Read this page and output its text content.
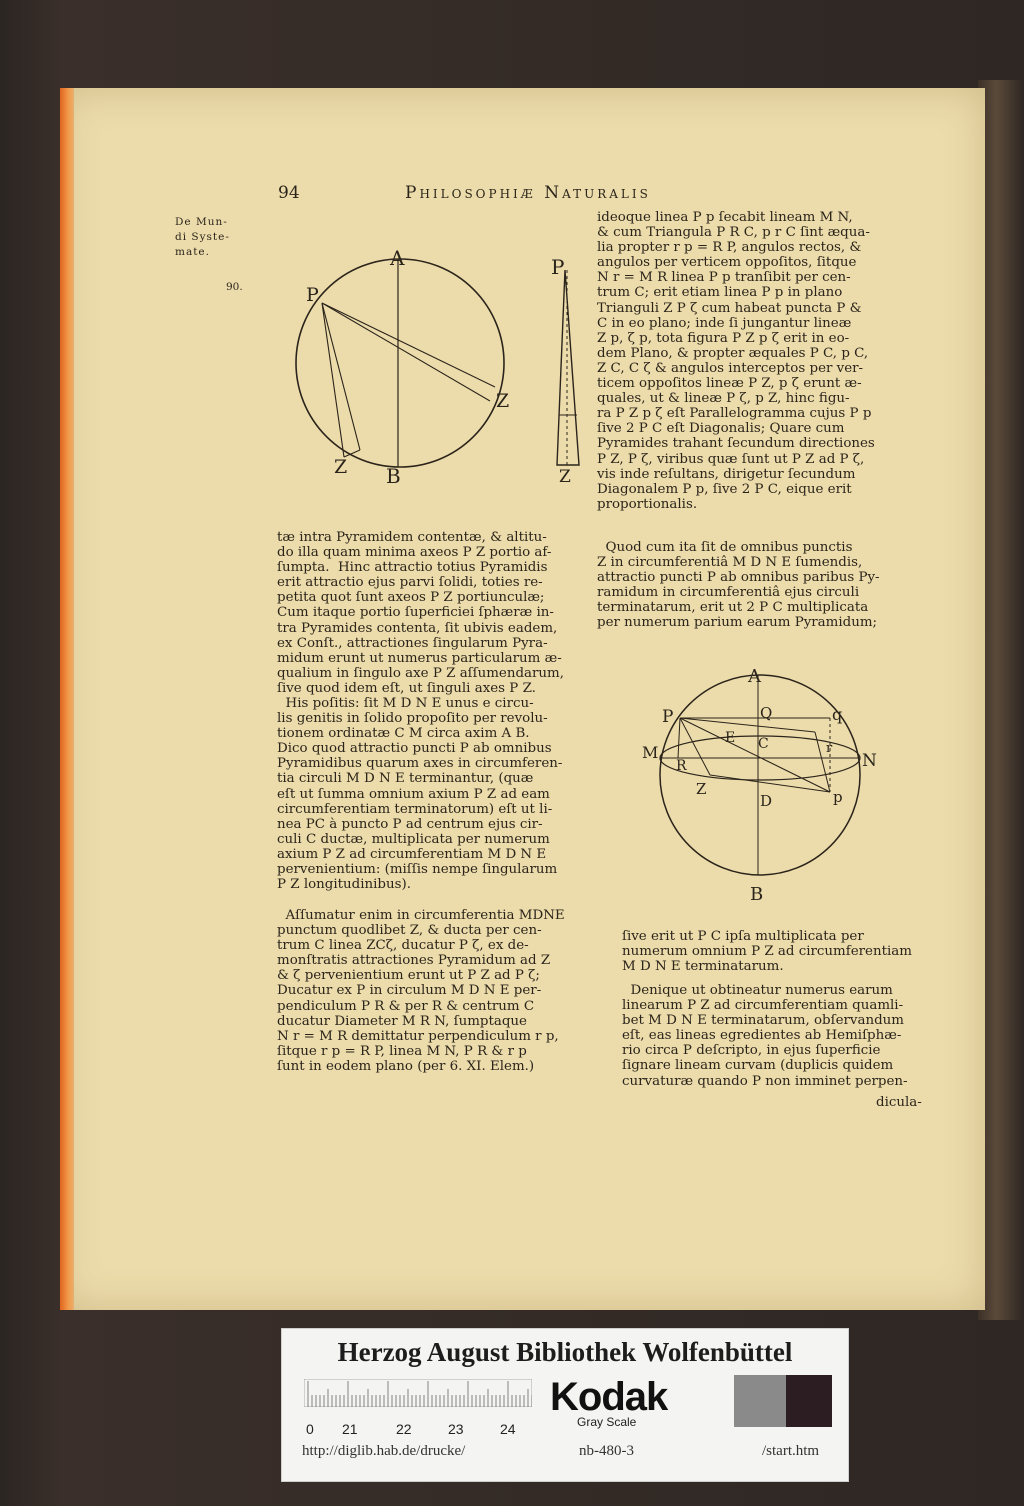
94	Philosophiæ Naturalis
De Mun-
di Syste-
mate.
90.
A
P
Z
Z B
P
Z
tæ intra Pyramidem contentæ, & altitu-
do illa quam minima axeos P Z portio af-
ſumpta.  Hinc attractio totius Pyramidis
erit attractio ejus parvi ſolidi, toties re-
petita quot ſunt axeos P Z portiunculæ;
Cum itaque portio ſuperficiei ſphæræ in-
tra Pyramides contenta, ſit ubivis eadem,
ex Conſt., attractiones ſingularum Pyra-
midum erunt ut numerus particularum æ-
qualium in ſingulo axe P Z aſſumendarum,
ſive quod idem eſt, ut ſinguli axes P Z.
His poſitis: ſit M D N E unus e circu-
lis genitis in ſolido propoſito per revolu-
tionem ordinatæ C M circa axim A B.
Dico quod attractio puncti P ab omnibus
Pyramidibus quarum axes in circumferen-
tia circuli M D N E terminantur, (quæ
eſt ut ſumma omnium axium P Z ad eam
circumferentiam terminatorum) eſt ut li-
nea PC à puncto P ad centrum ejus cir-
culi C ductæ, multiplicata per numerum
axium P Z ad circumferentiam M D N E
pervenientium: (miſſis nempe ſingularum
P Z longitudinibus).
Aſſumatur enim in circumferentia MDNE
punctum quodlibet Z, & ducta per cen-
trum C linea ZCζ, ducatur P ζ, ex de-
monſtratis attractiones Pyramidum ad Z
& ζ pervenientium erunt ut P Z ad P ζ;
Ducatur ex P in circulum M D N E per-
pendiculum P R & per R & centrum C
ducatur Diameter M R N, ſumptaque
N r = M R demittatur perpendiculum r p,
ſitque r p = R P, linea M N, P R & r p
ſunt in eodem plano (per 6. XI. Elem.)
ideoque linea P p ſecabit lineam M N,
& cum Triangula P R C, p r C ſint æqua-
lia propter r p = R P, angulos rectos, &
angulos per verticem oppoſitos, ſitque
N r = M R linea P p tranſibit per cen-
trum C; erit etiam linea P p in plano
Trianguli Z P ζ cum habeat puncta P &
C in eo plano; inde ſi jungantur lineæ
Z p, ζ p, tota figura P Z p ζ erit in eo-
dem Plano, & propter æquales P C, p C,
Z C, C ζ & angulos interceptos per ver-
ticem oppoſitos lineæ P Z, p ζ erunt æ-
quales, ut & lineæ P ζ, p Z, hinc figu-
ra P Z p ζ eſt Parallelogramma cujus P p
ſive 2 P C eſt Diagonalis; Quare cum
Pyramides trahant ſecundum directiones
P Z, P ζ, viribus quæ ſunt ut P Z ad P ζ,
vis inde reſultans, dirigetur ſecundum
Diagonalem P p, ſive 2 P C, eique erit
proportionalis.
Quod cum ita ſit de omnibus punctis
Z in circumferentiâ M D N E ſumendis,
attractio puncti P ab omnibus paribus Py-
ramidum in circumferentiâ ejus circuli
terminatarum, erit ut 2 P C multiplicata
per numerum parium earum Pyramidum;
A
P	Q	q
E C
M
R
r
N
Z
D	p
B
ſive erit ut P C ipſa multiplicata per
numerum omnium P Z ad circumferentiam
M D N E terminatarum.
Denique ut obtineatur numerus earum
linearum P Z ad circumferentiam quamli-
bet M D N E terminatarum, obſervandum
eſt, eas lineas egredientes ab Hemiſphæ-
rio circa P deſcripto, in ejus ſuperficie
ſignare lineam curvam (duplicis quidem
curvaturæ quando P non imminet perpen-
dicula-
Herzog August Bibliothek Wolfenbüttel
0 21	22	23	24
Kodak
Gray Scale
http://diglib.hab.de/drucke/	nb-480-3	/start.htm
